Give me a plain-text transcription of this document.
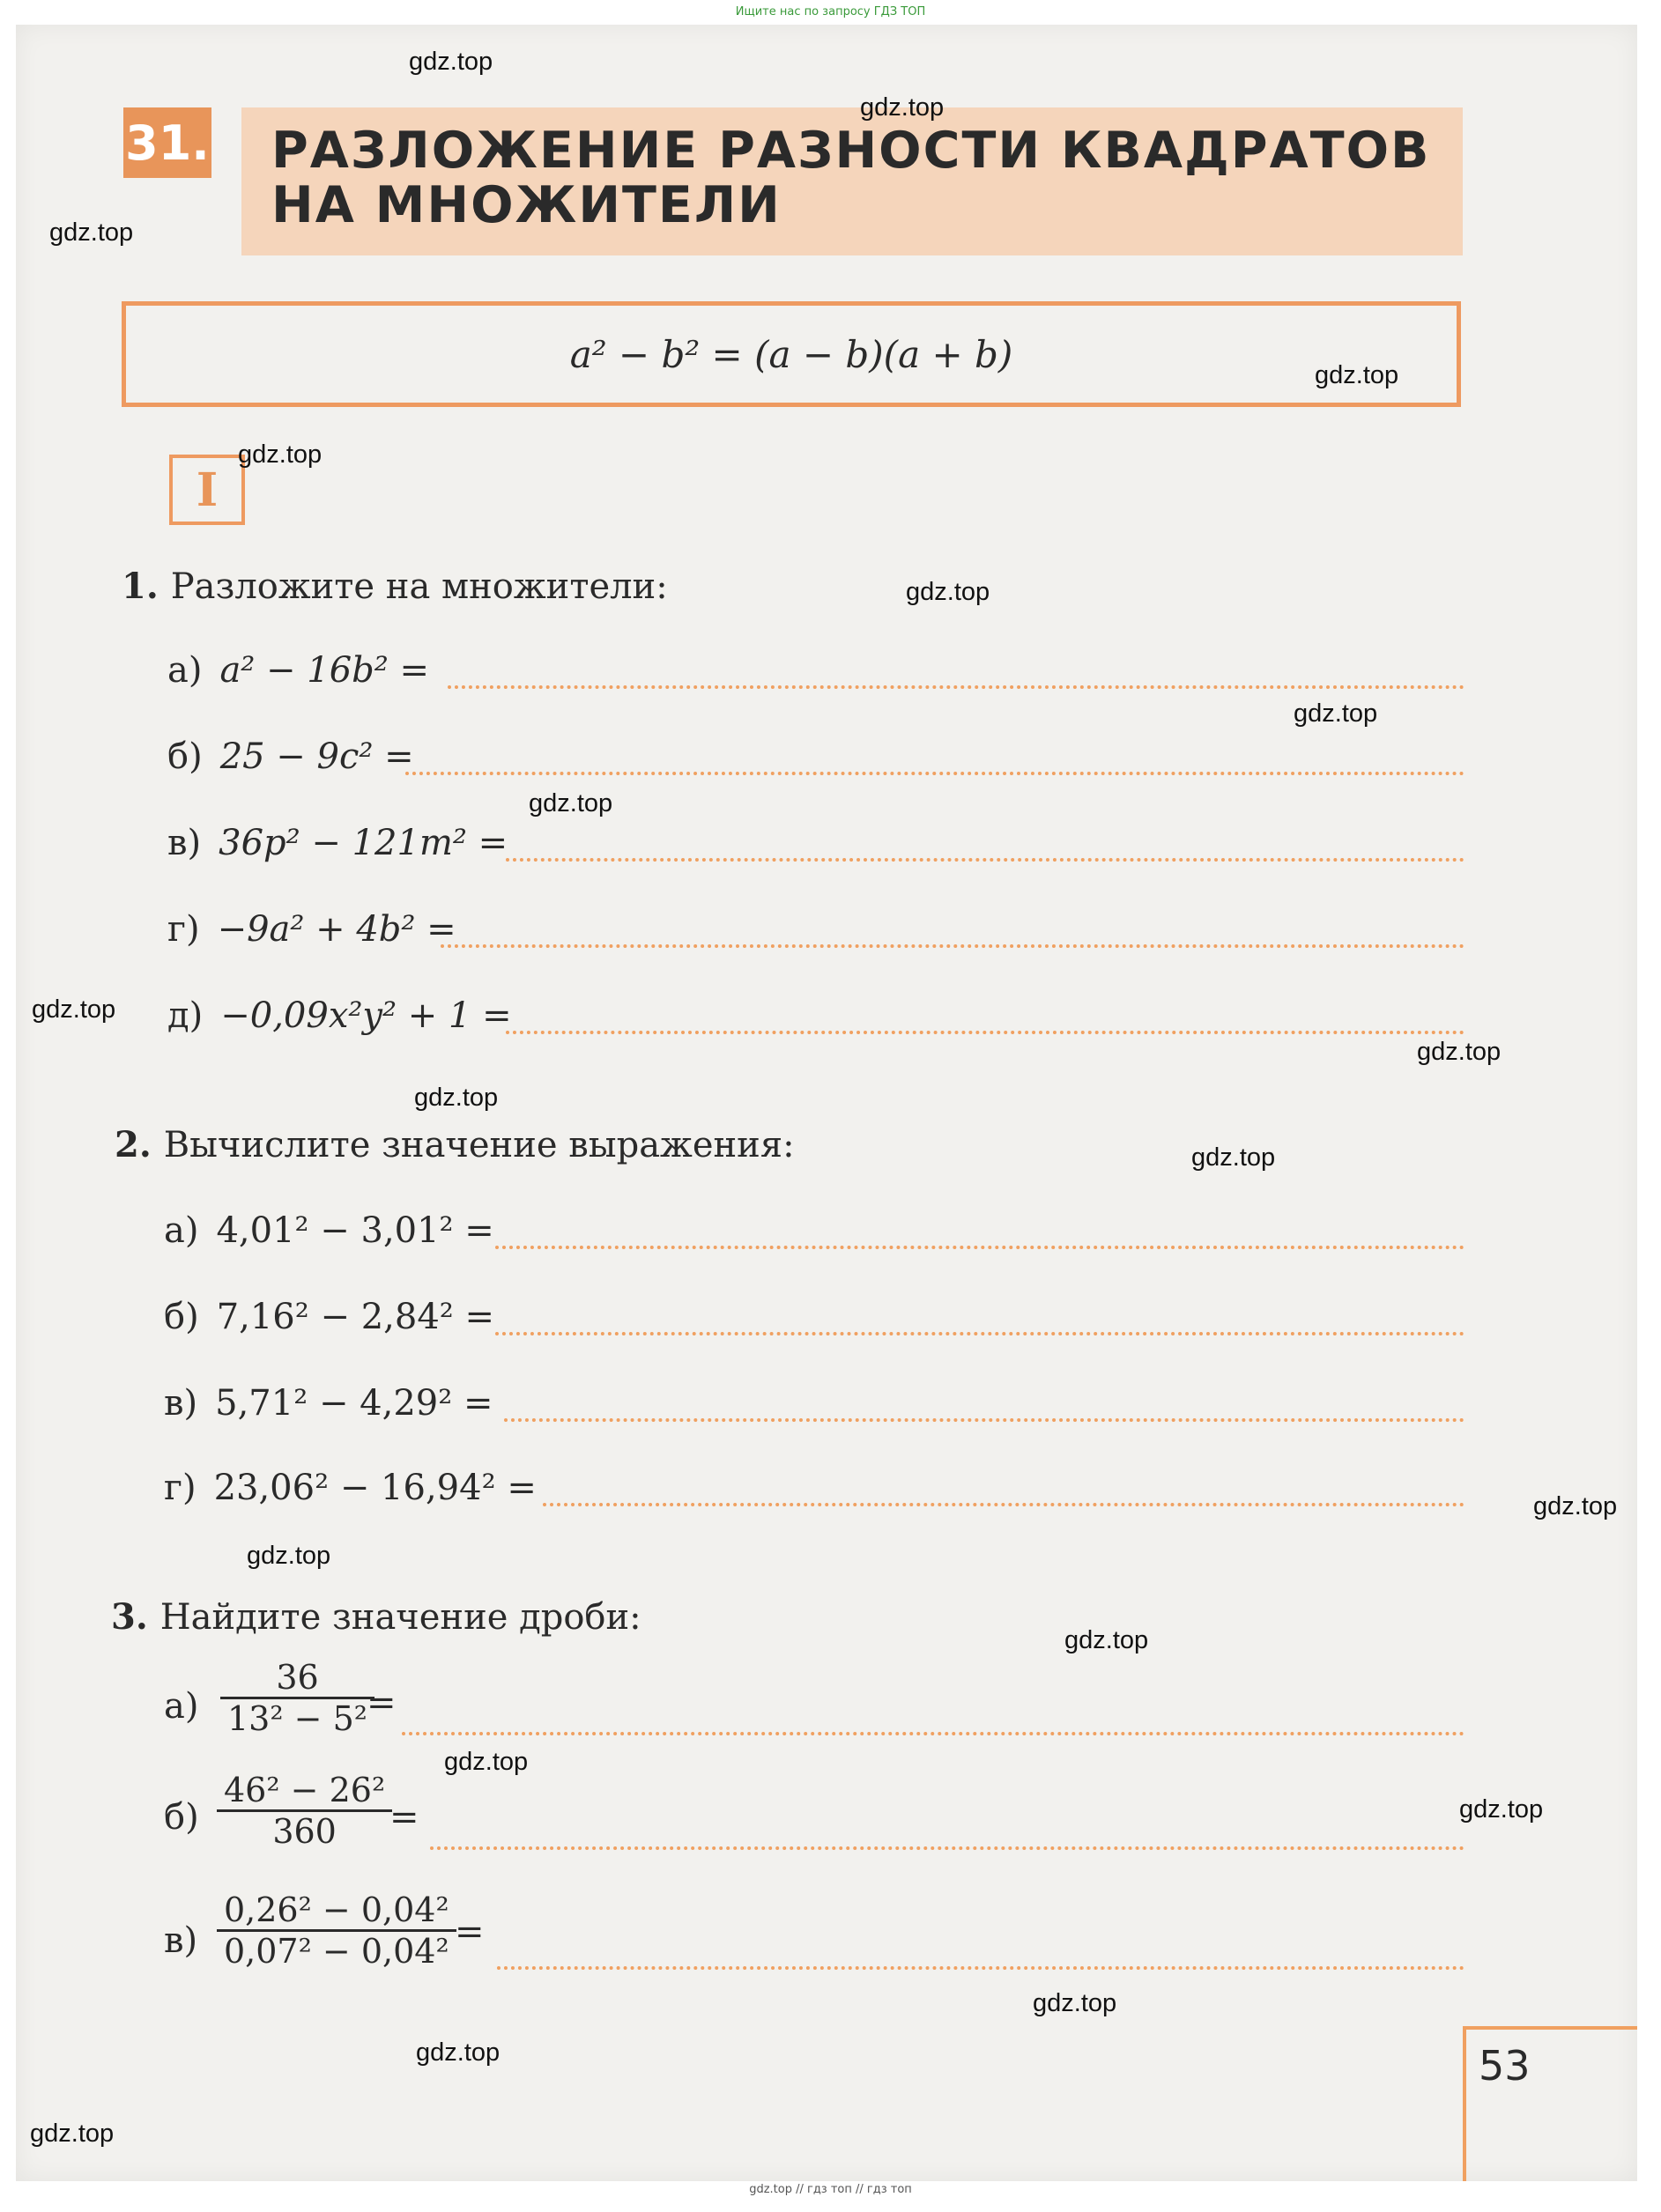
Ищите нас по запросу ГДЗ ТОП
31. РАЗЛОЖЕНИЕ РАЗНОСТИ КВАДРАТОВ
НА МНОЖИТЕЛИ
a² − b² = (a − b)(a + b)
I
1. Разложите на множители:
а) a² − 16b² =
б) 25 − 9c² =
в) 36p² − 121m² =
г) −9a² + 4b² =
д) −0,09x²y² + 1 =
2. Вычислите значение выражения:
а) 4,01² − 3,01² =
б) 7,16² − 2,84² =
в) 5,71² − 4,29² =
г) 23,06² − 16,94² =
3. Найдите значение дроби:
$а) \frac{36}{\text{13² − 5²}}$
=
$б) \frac{\text{46² − 26²}}{360}$
=
$в) \frac{\text{0,26² − 0,04²}}{\text{0,07² − 0,04²}}$
=
53
gdz.top
gdz.top
gdz.top
gdz.top
gdz.top
gdz.top
gdz.top
gdz.top
gdz.top
gdz.top
gdz.top
gdz.top
gdz.top
gdz.top
gdz.top
gdz.top
gdz.top
gdz.top
gdz.top
gdz.top
gdz.top // гдз топ // гдз топ
